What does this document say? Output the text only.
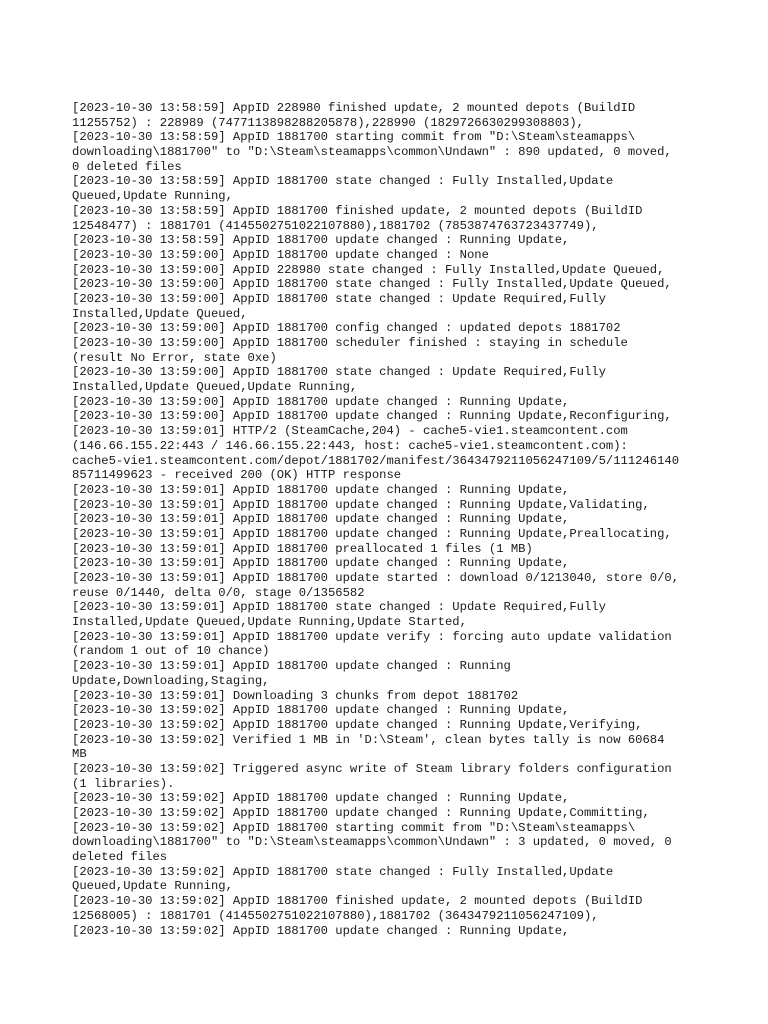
[2023-10-30 13:58:59] AppID 228980 finished update, 2 mounted depots (BuildID
11255752) : 228989 (7477113898288205878),228990 (1829726630299308803),
[2023-10-30 13:58:59] AppID 1881700 starting commit from "D:\Steam\steamapps\
downloading\1881700" to "D:\Steam\steamapps\common\Undawn" : 890 updated, 0 moved,
0 deleted files
[2023-10-30 13:58:59] AppID 1881700 state changed : Fully Installed,Update
Queued,Update Running,
[2023-10-30 13:58:59] AppID 1881700 finished update, 2 mounted depots (BuildID
12548477) : 1881701 (4145502751022107880),1881702 (7853874763723437749),
[2023-10-30 13:58:59] AppID 1881700 update changed : Running Update,
[2023-10-30 13:59:00] AppID 1881700 update changed : None
[2023-10-30 13:59:00] AppID 228980 state changed : Fully Installed,Update Queued,
[2023-10-30 13:59:00] AppID 1881700 state changed : Fully Installed,Update Queued,
[2023-10-30 13:59:00] AppID 1881700 state changed : Update Required,Fully
Installed,Update Queued,
[2023-10-30 13:59:00] AppID 1881700 config changed : updated depots 1881702
[2023-10-30 13:59:00] AppID 1881700 scheduler finished : staying in schedule
(result No Error, state 0xe)
[2023-10-30 13:59:00] AppID 1881700 state changed : Update Required,Fully
Installed,Update Queued,Update Running,
[2023-10-30 13:59:00] AppID 1881700 update changed : Running Update,
[2023-10-30 13:59:00] AppID 1881700 update changed : Running Update,Reconfiguring,
[2023-10-30 13:59:01] HTTP/2 (SteamCache,204) - cache5-vie1.steamcontent.com
(146.66.155.22:443 / 146.66.155.22:443, host: cache5-vie1.steamcontent.com):
cache5-vie1.steamcontent.com/depot/1881702/manifest/3643479211056247109/5/111246140
85711499623 - received 200 (OK) HTTP response
[2023-10-30 13:59:01] AppID 1881700 update changed : Running Update,
[2023-10-30 13:59:01] AppID 1881700 update changed : Running Update,Validating,
[2023-10-30 13:59:01] AppID 1881700 update changed : Running Update,
[2023-10-30 13:59:01] AppID 1881700 update changed : Running Update,Preallocating,
[2023-10-30 13:59:01] AppID 1881700 preallocated 1 files (1 MB)
[2023-10-30 13:59:01] AppID 1881700 update changed : Running Update,
[2023-10-30 13:59:01] AppID 1881700 update started : download 0/1213040, store 0/0,
reuse 0/1440, delta 0/0, stage 0/1356582
[2023-10-30 13:59:01] AppID 1881700 state changed : Update Required,Fully
Installed,Update Queued,Update Running,Update Started,
[2023-10-30 13:59:01] AppID 1881700 update verify : forcing auto update validation
(random 1 out of 10 chance)
[2023-10-30 13:59:01] AppID 1881700 update changed : Running
Update,Downloading,Staging,
[2023-10-30 13:59:01] Downloading 3 chunks from depot 1881702
[2023-10-30 13:59:02] AppID 1881700 update changed : Running Update,
[2023-10-30 13:59:02] AppID 1881700 update changed : Running Update,Verifying,
[2023-10-30 13:59:02] Verified 1 MB in 'D:\Steam', clean bytes tally is now 60684
MB
[2023-10-30 13:59:02] Triggered async write of Steam library folders configuration
(1 libraries).
[2023-10-30 13:59:02] AppID 1881700 update changed : Running Update,
[2023-10-30 13:59:02] AppID 1881700 update changed : Running Update,Committing,
[2023-10-30 13:59:02] AppID 1881700 starting commit from "D:\Steam\steamapps\
downloading\1881700" to "D:\Steam\steamapps\common\Undawn" : 3 updated, 0 moved, 0
deleted files
[2023-10-30 13:59:02] AppID 1881700 state changed : Fully Installed,Update
Queued,Update Running,
[2023-10-30 13:59:02] AppID 1881700 finished update, 2 mounted depots (BuildID
12568005) : 1881701 (4145502751022107880),1881702 (3643479211056247109),
[2023-10-30 13:59:02] AppID 1881700 update changed : Running Update,
